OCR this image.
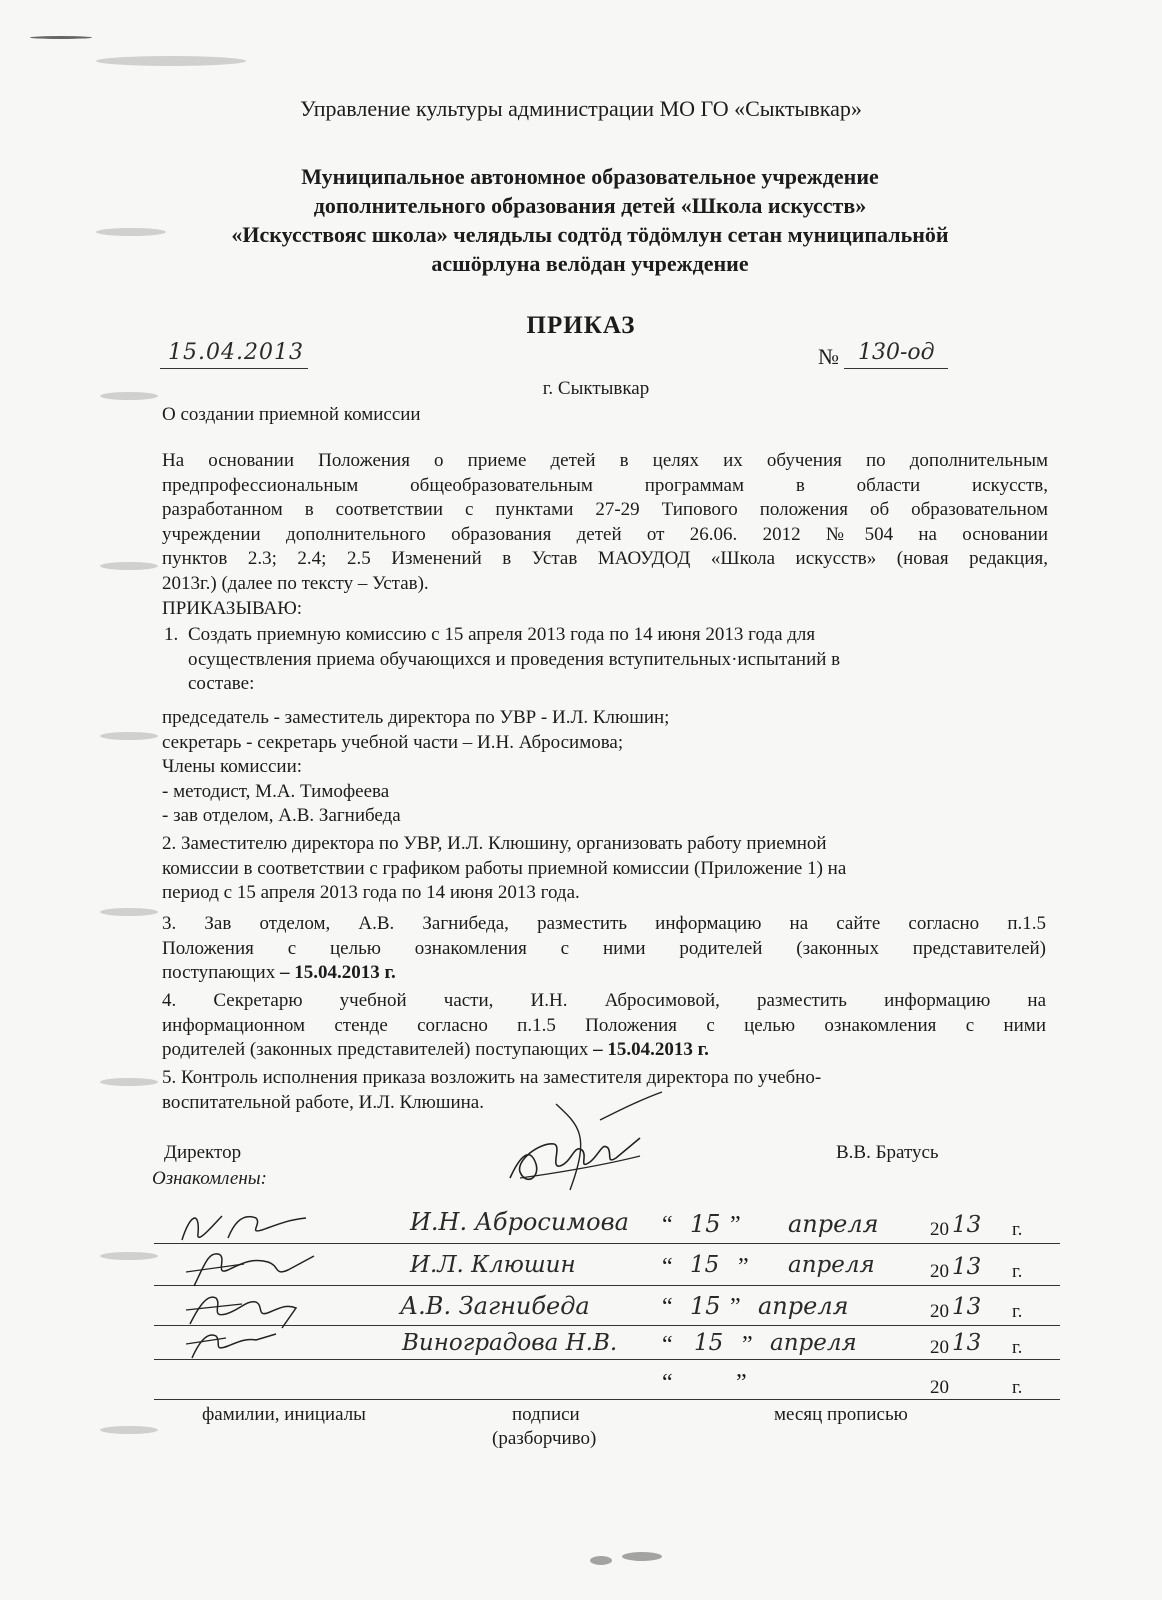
Управление культуры администрации МО ГО «Сыктывкар»
Муниципальное автономное образовательное учреждение
дополнительного образования детей «Школа искусств»
«Искусствояс школа» челядьлы содтöд тöдöмлун сетан муниципальнöй
асшöрлуна велöдан учреждение
ПРИКАЗ
15.04.2013	№ 130-од
г. Сыктывкар
О создании приемной комиссии
На основании Положения о приеме детей в целях их обучения по дополнительным
предпрофессиональным общеобразовательным программам в области искусств,
разработанном в соответствии с пунктами 27-29 Типового положения об образовательном
учреждении дополнительного образования детей от 26.06. 2012 №504 на основании
пунктов 2.3; 2.4; 2.5 Изменений в Устав МАОУДОД «Школа искусств» (новая редакция,
2013г.) (далее по тексту – Устав).
ПРИКАЗЫВАЮ:
1. Создать приемную комиссию с 15 апреля 2013 года по 14 июня 2013 года для
осуществления приема обучающихся и проведения вступительных·испытаний в
составе:
председатель - заместитель директора по УВР - И.Л. Клюшин;
секретарь - секретарь учебной части – И.Н. Абросимова;
Члены комиссии:
- методист, М.А. Тимофеева
- зав отделом, А.В. Загнибеда
2. Заместителю директора по УВР, И.Л. Клюшину, организовать работу приемной
комиссии в соответствии с графиком работы приемной комиссии (Приложение 1) на
период с 15 апреля 2013 года по 14 июня 2013 года.
3. Зав отделом, А.В. Загнибеда, разместить информацию на сайте согласно п.1.5
Положения с целью ознакомления с ними родителей (законных представителей)
поступающих – 15.04.2013 г.
4. Секретарю учебной части, И.Н. Абросимовой, разместить информацию на
информационном стенде согласно п.1.5 Положения с целью ознакомления с ними
родителей (законных представителей) поступающих – 15.04.2013 г.
5. Контроль исполнения приказа возложить на заместителя директора по учебно-
воспитательной работе, И.Л. Клюшина.
Директор	В.В. Братусь
Ознакомлены:
И.Н. Абросимова “ 15 ” апреля	20 13 г.
И.Л. Клюшин	“ 15 ” апреля	20 13 г.
А.В. Загнибеда	“ 15 ” апреля	20 13 г.
Виноградова Н.В. “ 15 ” апреля	20 13 г.
“	”	20	г.
фамилии, инициалы	подписи
(разборчиво)
месяц прописью
